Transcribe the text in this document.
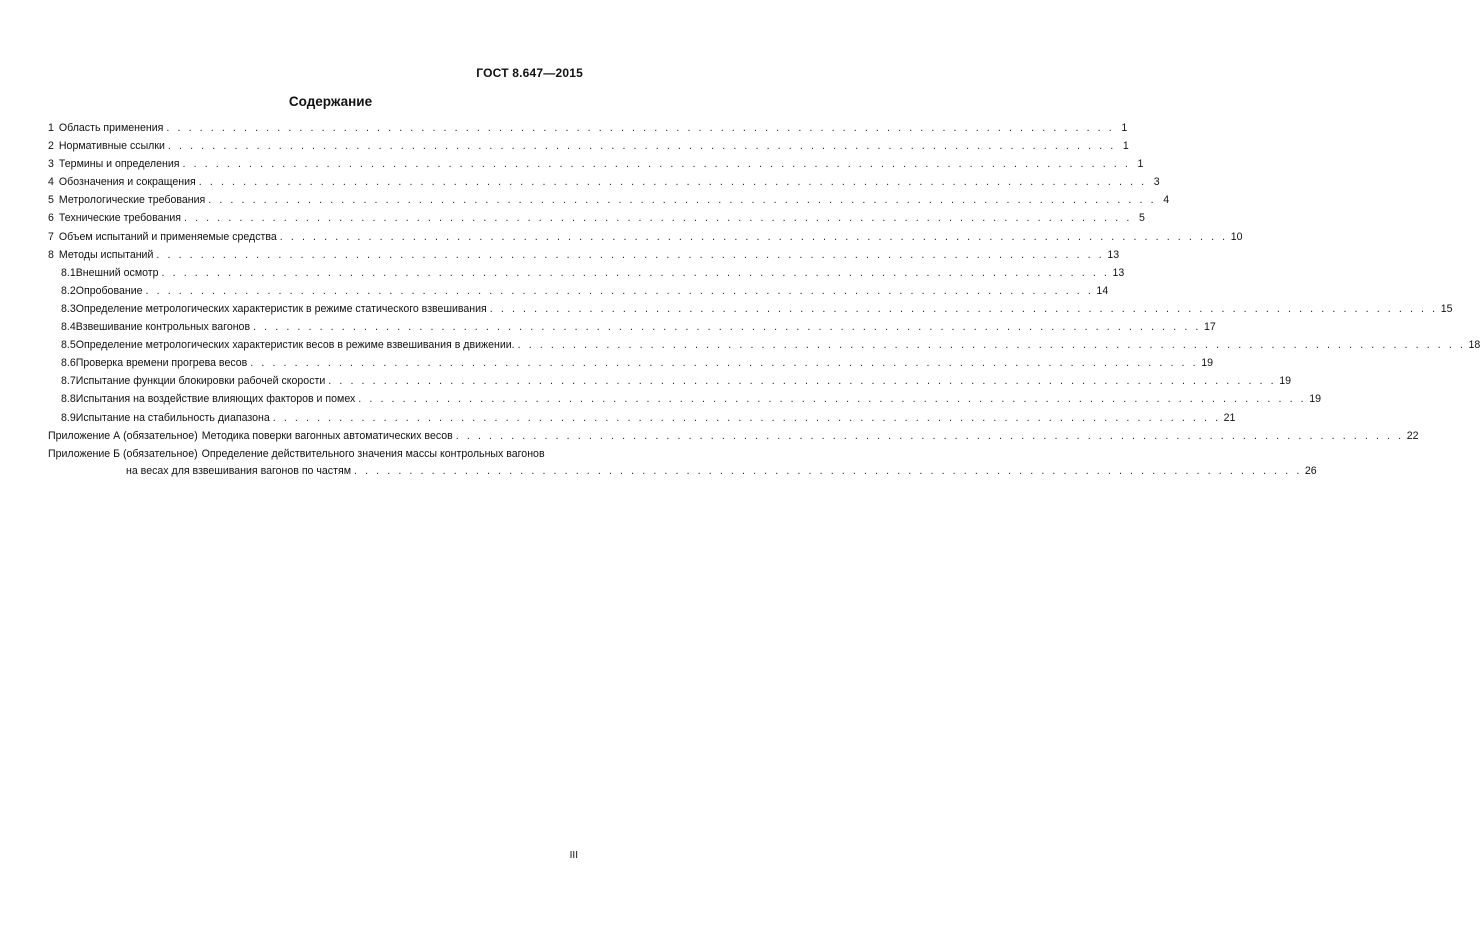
ГОСТ 8.647—2015
Содержание
1 Область применения . . . . . . . . . . . . . . . . . . . . . . . . . . . . . . . . . . . . . . . . . . . . . . . . . . . . . . . . . . . . . . . . . . . . . . . . . . . . . . . . . . . . . . 1
2 Нормативные ссылки . . . . . . . . . . . . . . . . . . . . . . . . . . . . . . . . . . . . . . . . . . . . . . . . . . . . . . . . . . . . . . . . . . . . . . . . . . . . . . . . . . . . . . 1
3 Термины и определения . . . . . . . . . . . . . . . . . . . . . . . . . . . . . . . . . . . . . . . . . . . . . . . . . . . . . . . . . . . . . . . . . . . . . . . . . . . . . . . . . . . . . . 1
4 Обозначения и сокращения . . . . . . . . . . . . . . . . . . . . . . . . . . . . . . . . . . . . . . . . . . . . . . . . . . . . . . . . . . . . . . . . . . . . . . . . . . . . . . . . . . . . . . 3
5 Метрологические требования . . . . . . . . . . . . . . . . . . . . . . . . . . . . . . . . . . . . . . . . . . . . . . . . . . . . . . . . . . . . . . . . . . . . . . . . . . . . . . . . . . . . . . 4
6 Технические требования . . . . . . . . . . . . . . . . . . . . . . . . . . . . . . . . . . . . . . . . . . . . . . . . . . . . . . . . . . . . . . . . . . . . . . . . . . . . . . . . . . . . . . 5
7 Объем испытаний и применяемые средства . . . . . . . . . . . . . . . . . . . . . . . . . . . . . . . . . . . . . . . . . . . . . . . . . . . . . . . . . . . . . . . . . . . . . . . . . . . . . . . . . . . . . . 10
8 Методы испытаний . . . . . . . . . . . . . . . . . . . . . . . . . . . . . . . . . . . . . . . . . . . . . . . . . . . . . . . . . . . . . . . . . . . . . . . . . . . . . . . . . . . . . . 13
8.1 Внешний осмотр . . . . . . . . . . . . . . . . . . . . . . . . . . . . . . . . . . . . . . . . . . . . . . . . . . . . . . . . . . . . . . . . . . . . . . . . . . . . . . . . . . . . . . 13
8.2 Опробование . . . . . . . . . . . . . . . . . . . . . . . . . . . . . . . . . . . . . . . . . . . . . . . . . . . . . . . . . . . . . . . . . . . . . . . . . . . . . . . . . . . . . . 14
8.3 Определение метрологических характеристик в режиме статического взвешивания . . . . . . . . . . . . . . . . . . . . . . . . . . . . . . . . . . . . . . . . . . . . . . . . . . . . . . . . . . . . . . . . . . . . . . . . . . . . . . . . . . . . . . 15
8.4 Взвешивание контрольных вагонов . . . . . . . . . . . . . . . . . . . . . . . . . . . . . . . . . . . . . . . . . . . . . . . . . . . . . . . . . . . . . . . . . . . . . . . . . . . . . . . . . . . . . . 17
8.5 Определение метрологических характеристик весов в режиме взвешивания в движении. . . . . . . . . . . . . . . . . . . . . . . . . . . . . . . . . . . . . . . . . . . . . . . . . . . . . . . . . . . . . . . . . . . . . . . . . . . . . . . . . . . . . . . 18
8.6 Проверка времени прогрева весов . . . . . . . . . . . . . . . . . . . . . . . . . . . . . . . . . . . . . . . . . . . . . . . . . . . . . . . . . . . . . . . . . . . . . . . . . . . . . . . . . . . . . . 19
8.7 Испытание функции блокировки рабочей скорости . . . . . . . . . . . . . . . . . . . . . . . . . . . . . . . . . . . . . . . . . . . . . . . . . . . . . . . . . . . . . . . . . . . . . . . . . . . . . . . . . . . . . . 19
8.8 Испытания на воздействие влияющих факторов и помех . . . . . . . . . . . . . . . . . . . . . . . . . . . . . . . . . . . . . . . . . . . . . . . . . . . . . . . . . . . . . . . . . . . . . . . . . . . . . . . . . . . . . . 19
8.9 Испытание на стабильность диапазона . . . . . . . . . . . . . . . . . . . . . . . . . . . . . . . . . . . . . . . . . . . . . . . . . . . . . . . . . . . . . . . . . . . . . . . . . . . . . . . . . . . . . . 21
Приложение А (обязательное) Методика поверки вагонных автоматических весов . . . . . . . . . . . . . . . . . . . . . . . . . . . . . . . . . . . . . . . . . . . . . . . . . . . . . . . . . . . . . . . . . . . . . . . . . . . . . . . . . . . . . . 22
Приложение Б (обязательное) Определение действительного значения массы контрольных вагонов
на весах для взвешивания вагонов по частям . . . . . . . . . . . . . . . . . . . . . . . . . . . . . . . . . . . . . . . . . . . . . . . . . . . . . . . . . . . . . . . . . . . . . . . . . . . . . . . . . . . . . . 26
III
